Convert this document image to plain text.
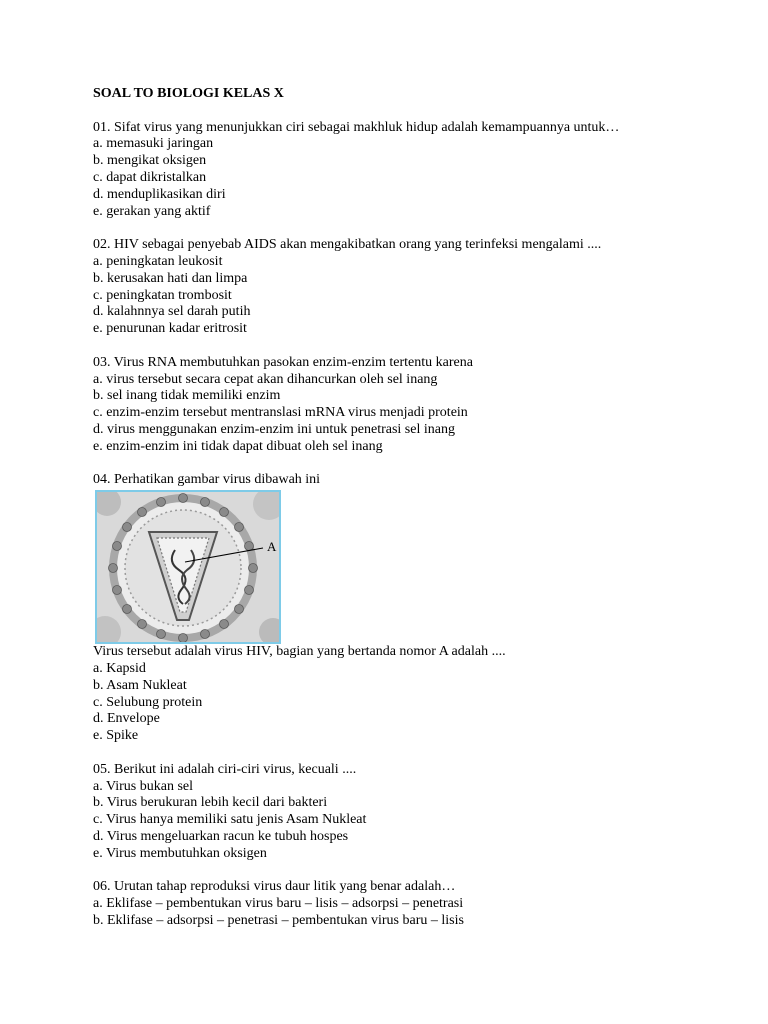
SOAL TO BIOLOGI KELAS X
01. Sifat virus yang menunjukkan ciri sebagai makhluk hidup adalah kemampuannya untuk…
a. memasuki jaringan
b. mengikat oksigen
c. dapat dikristalkan
d. menduplikasikan diri
e. gerakan yang aktif
02. HIV sebagai penyebab AIDS akan mengakibatkan orang yang terinfeksi mengalami ....
a. peningkatan leukosit
b. kerusakan hati dan limpa
c. peningkatan trombosit
d. kalahnnya sel darah putih
e. penurunan kadar eritrosit
03. Virus RNA membutuhkan pasokan enzim-enzim tertentu karena
a. virus tersebut secara cepat akan dihancurkan oleh sel inang
b. sel inang tidak memiliki enzim
c. enzim-enzim tersebut mentranslasi mRNA virus menjadi protein
d. virus menggunakan enzim-enzim ini untuk penetrasi sel inang
e. enzim-enzim ini tidak dapat dibuat oleh sel inang
04. Perhatikan gambar virus dibawah ini
A
Virus tersebut adalah virus HIV, bagian yang bertanda nomor A adalah ....
a. Kapsid
b. Asam Nukleat
c. Selubung protein
d. Envelope
e. Spike
05. Berikut ini adalah ciri-ciri virus, kecuali ....
a. Virus bukan sel
b. Virus berukuran lebih kecil dari bakteri
c. Virus hanya memiliki satu jenis Asam Nukleat
d. Virus mengeluarkan racun ke tubuh hospes
e. Virus membutuhkan oksigen
06. Urutan tahap reproduksi virus daur litik yang benar adalah…
a. Eklifase – pembentukan virus baru – lisis – adsorpsi – penetrasi
b. Eklifase – adsorpsi – penetrasi – pembentukan virus baru – lisis
